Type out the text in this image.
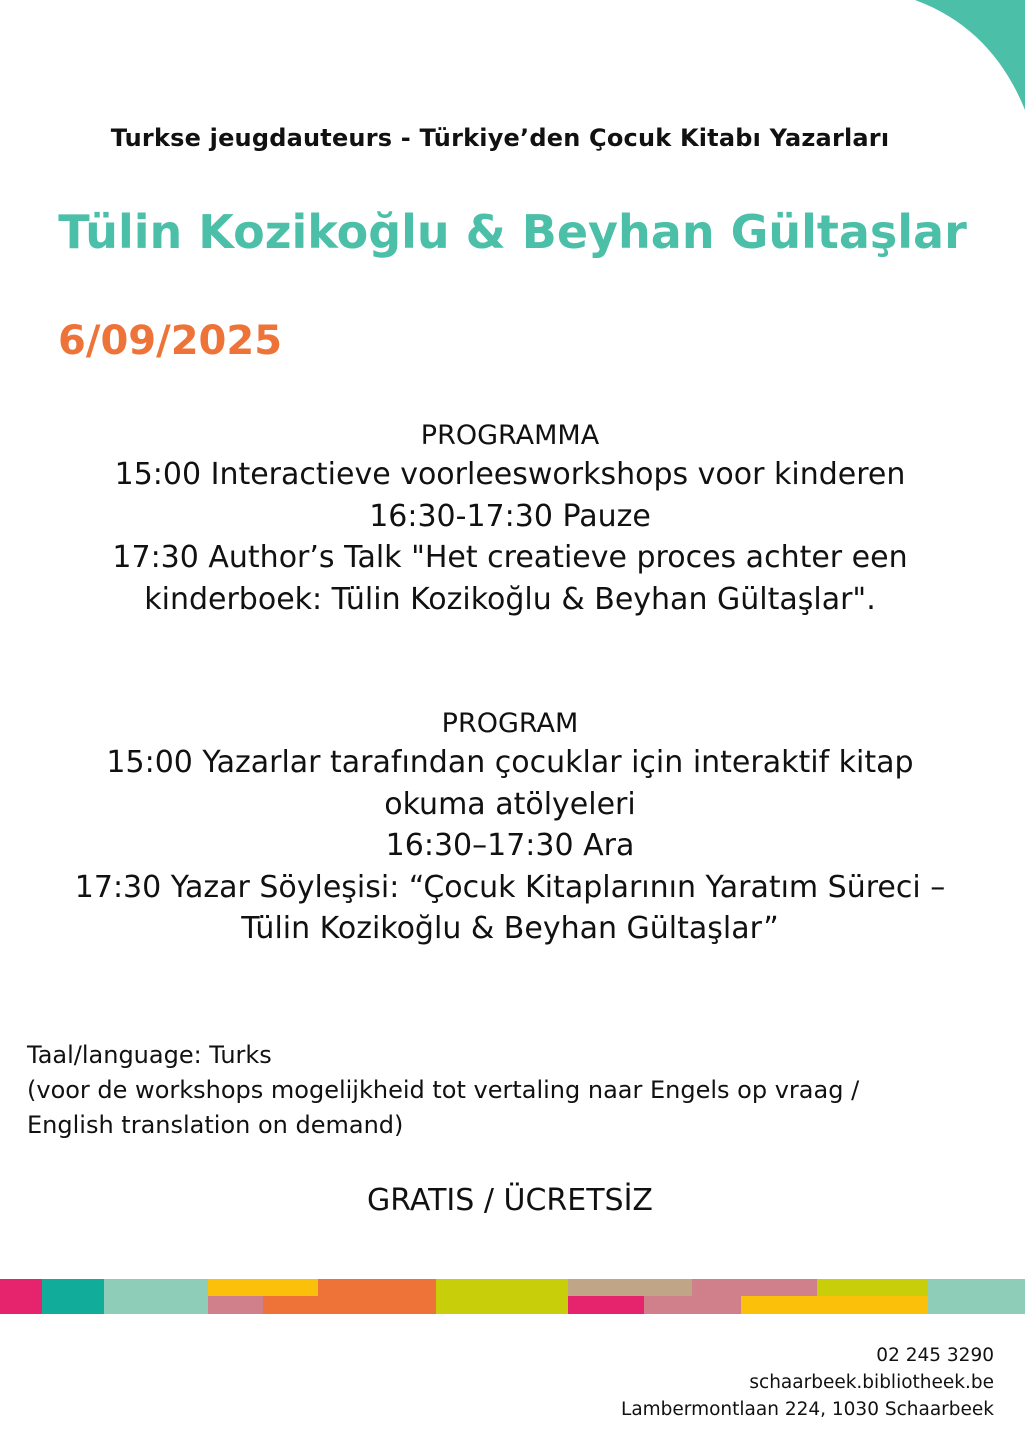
Turkse jeugdauteurs - Türkiye’den Çocuk Kitabı Yazarları
Tülin Kozikoğlu & Beyhan Gültaşlar
6/09/2025
PROGRAMMA
15:00 Interactieve voorleesworkshops voor kinderen
16:30-17:30 Pauze
17:30 Author’s Talk "Het creatieve proces achter een
kinderboek: Tülin Kozikoğlu & Beyhan Gültaşlar".
PROGRAM
15:00 Yazarlar tarafından çocuklar için interaktif kitap
okuma atölyeleri
16:30–17:30 Ara
17:30 Yazar Söyleşisi: “Çocuk Kitaplarının Yaratım Süreci –
Tülin Kozikoğlu & Beyhan Gültaşlar”
Taal/language: Turks
(voor de workshops mogelijkheid tot vertaling naar Engels op vraag /
English translation on demand)
GRATIS / ÜCRETSİZ
02 245 3290
schaarbeek.bibliotheek.be
Lambermontlaan 224, 1030 Schaarbeek
